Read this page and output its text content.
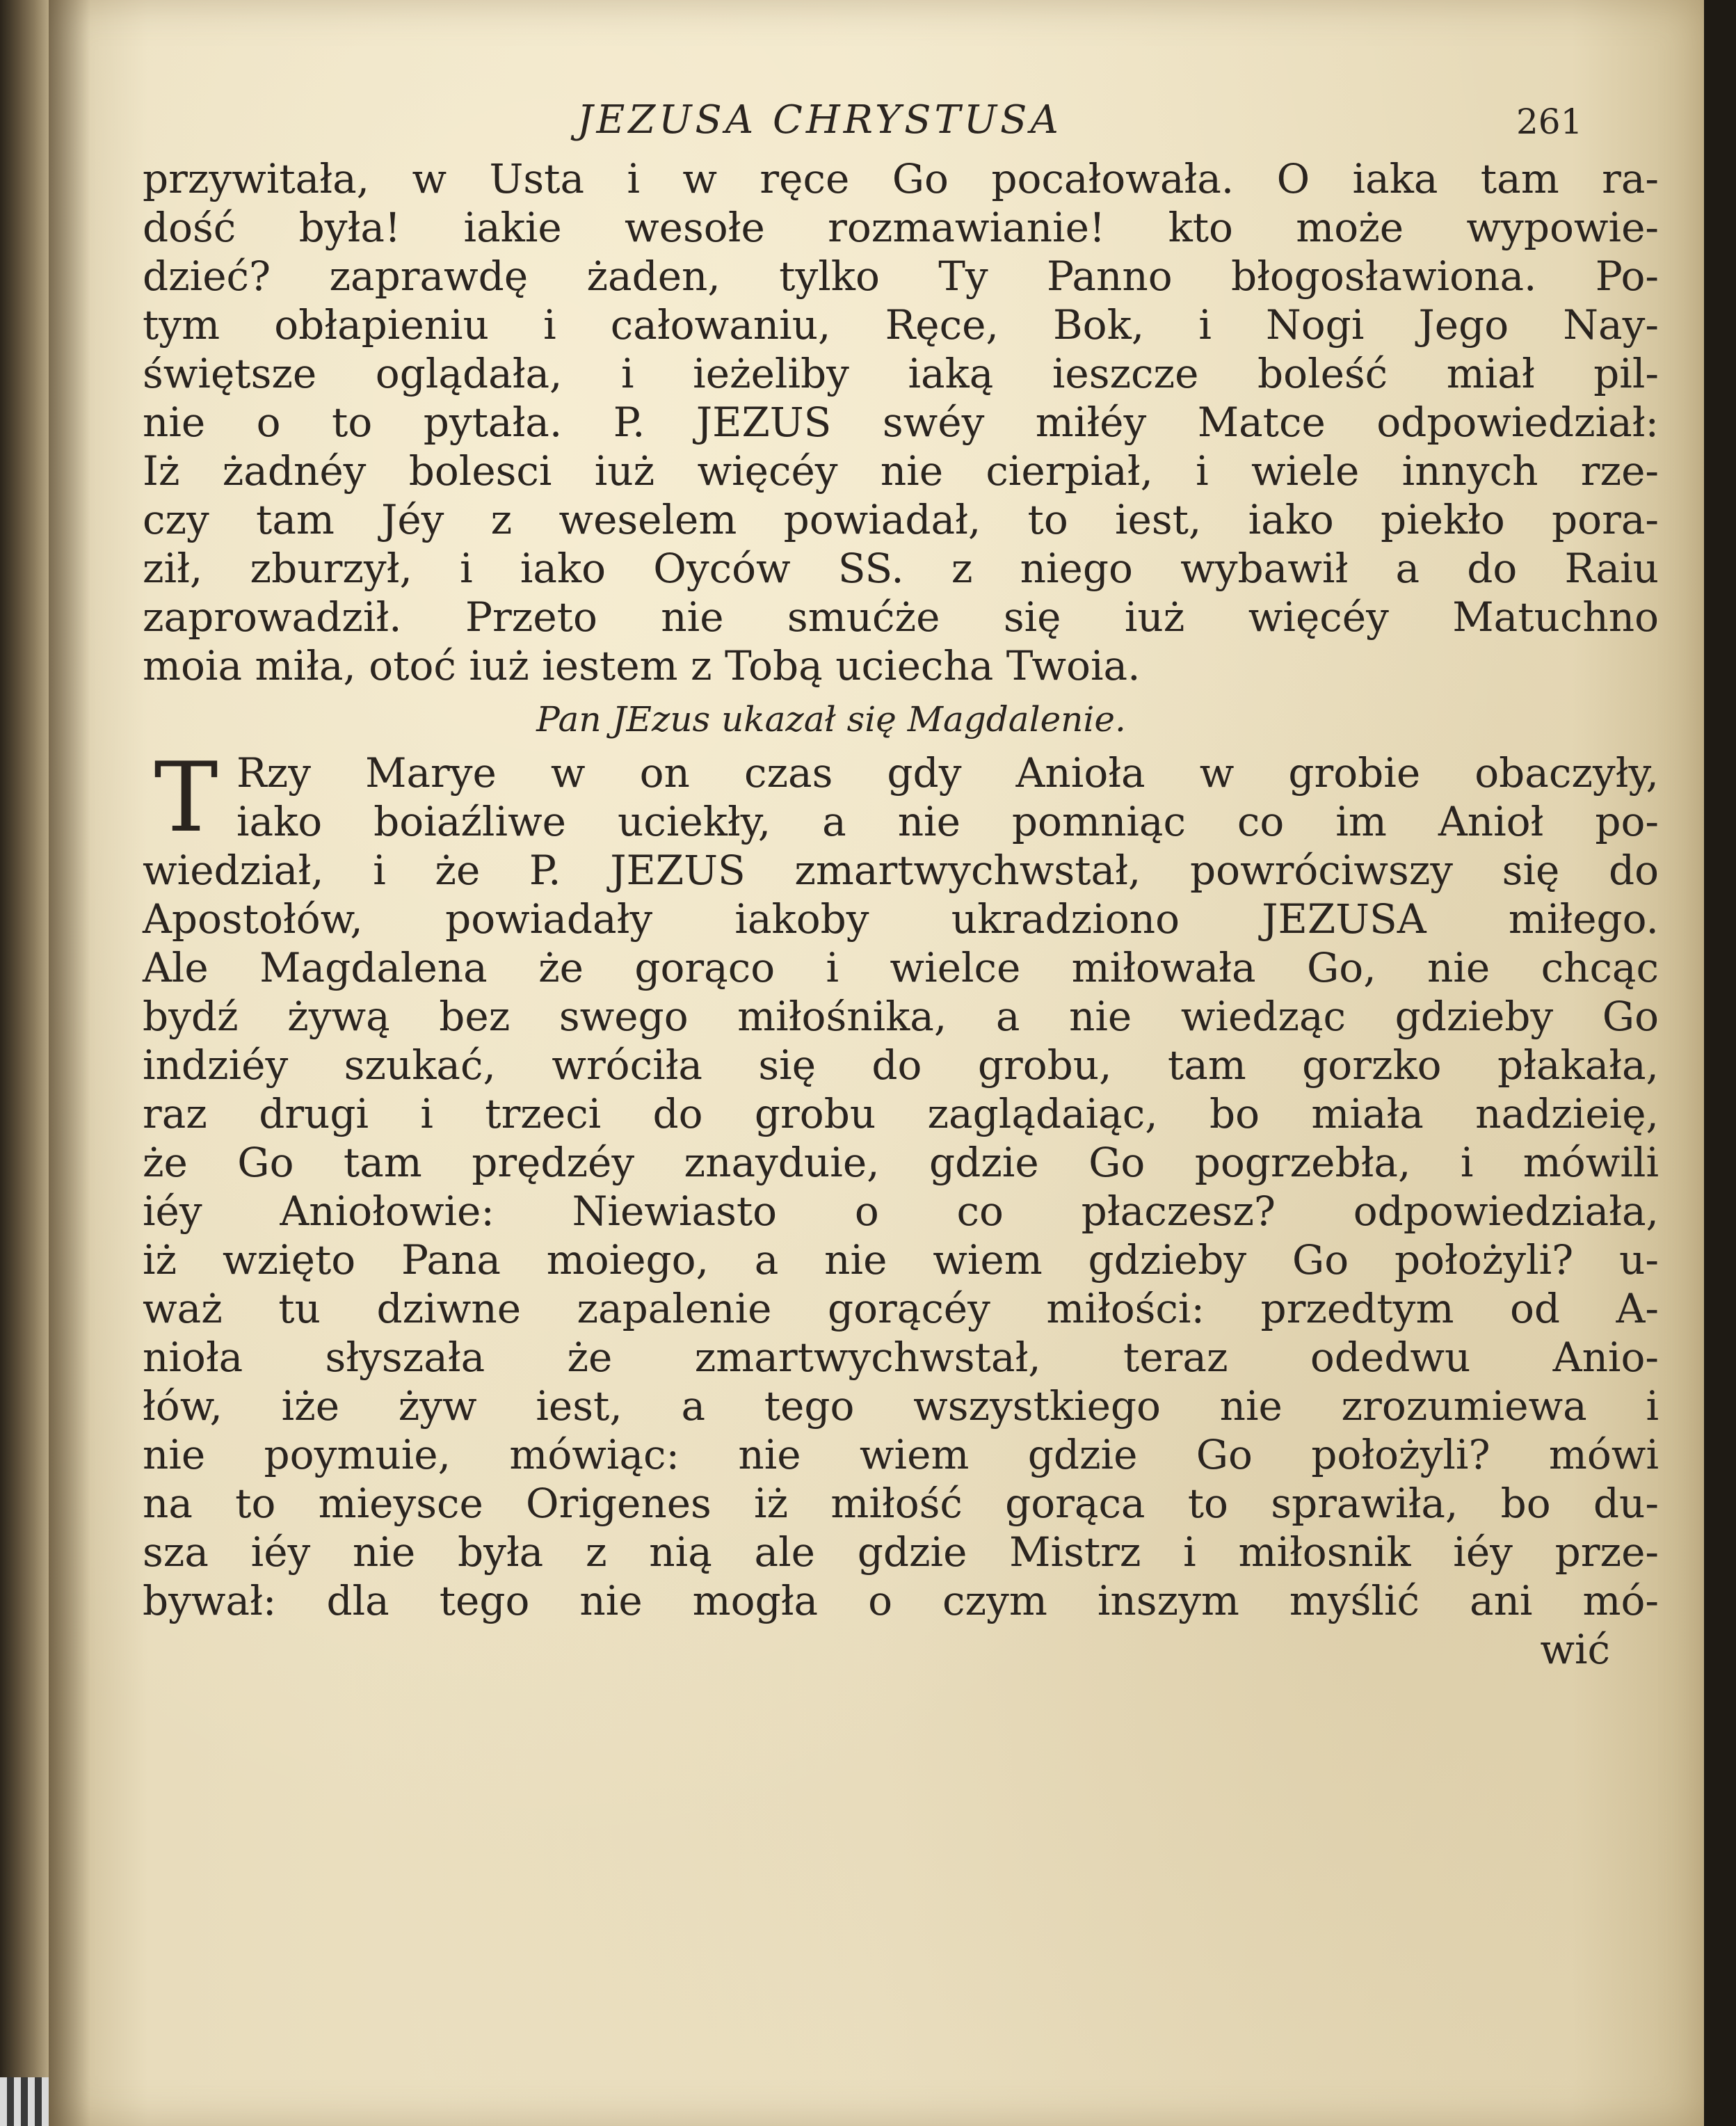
JEZUSA CHRYSTUSA	261
przywitała, w Usta i w ręce Go pocałowała. O iaka tam ra-
dość była! iakie wesołe rozmawianie! kto może wypowie-
dzieć? zaprawdę żaden, tylko Ty Panno błogosławiona. Po-
tym obłapieniu i całowaniu, Ręce, Bok, i Nogi Jego Nay-
świętsze oglądała, i ieżeliby iaką ieszcze boleść miał pil-
nie o to pytała. P. JEZUS swéy miłéy Matce odpowiedział:
Iż żadnéy bolesci iuż więcéy nie cierpiał, i wiele innych rze-
czy tam Jéy z weselem powiadał, to iest, iako piekło pora-
ził, zburzył, i iako Oyców SS. z niego wybawił a do Raiu
zaprowadził. Przeto nie smućże się iuż więcéy Matuchno
moia miła, otoć iuż iestem z Tobą uciecha Twoia.
Pan JEzus ukazał się Magdalenie.
T Rzy Marye w on czas gdy Anioła w grobie obaczyły,
iako boiaźliwe uciekły, a nie pomniąc co im Anioł po-
wiedział, i że P. JEZUS zmartwychwstał, powróciwszy się do
Apostołów, powiadały iakoby ukradziono JEZUSA miłego.
Ale Magdalena że gorąco i wielce miłowała Go, nie chcąc
bydź żywą bez swego miłośnika, a nie wiedząc gdzieby Go
indziéy szukać, wróciła się do grobu, tam gorzko płakała,
raz drugi i trzeci do grobu zaglądaiąc, bo miała nadzieię,
że Go tam prędzéy znayduie, gdzie Go pogrzebła, i mówili
iéy Aniołowie: Niewiasto o co płaczesz? odpowiedziała,
iż wzięto Pana moiego, a nie wiem gdzieby Go położyli? u-
waż tu dziwne zapalenie gorącéy miłości: przedtym od A-
nioła słyszała że zmartwychwstał, teraz odedwu Anio-
łów, iże żyw iest, a tego wszystkiego nie zrozumiewa i
nie poymuie, mówiąc: nie wiem gdzie Go położyli? mówi
na to mieysce Origenes iż miłość gorąca to sprawiła, bo du-
sza iéy nie była z nią ale gdzie Mistrz i miłosnik iéy prze-
bywał: dla tego nie mogła o czym inszym myślić ani mó-
wić
